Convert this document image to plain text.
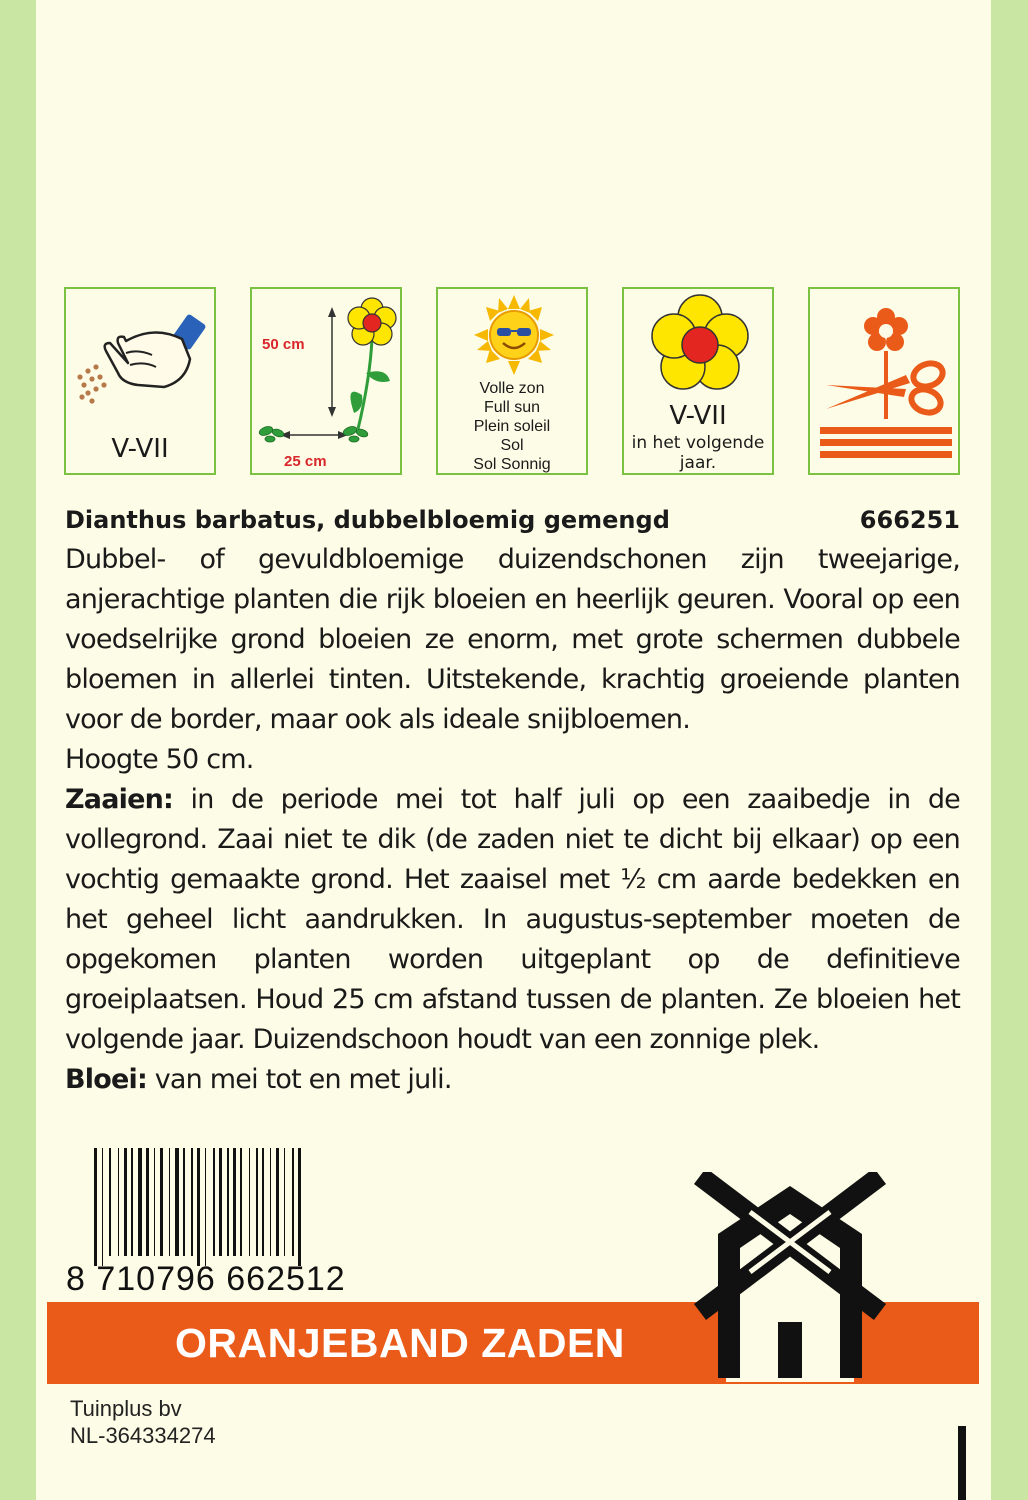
V-VII
50 cm
25 cm
Volle zon
Full sun
Plein soleil
Sol
Sol Sonnig
V-VII
in het volgende
jaar.
Dianthus barbatus, dubbelbloemig gemengd	666251

Dubbel- of gevuldbloemige duizendschonen zijn tweejarige, anjerachtige planten die rijk bloeien en heerlijk geuren. Vooral op een voedselrijke grond bloeien ze enorm, met grote schermen dubbele bloemen in allerlei tinten. Uitstekende, krachtig groeiende planten voor de border, maar ook als ideale snijbloemen.

Hoogte 50 cm.

Zaaien: in de periode mei tot half juli op een zaaibedje in de vollegrond. Zaai niet te dik (de zaden niet te dicht bij elkaar) op een vochtig gemaakte grond. Het zaaisel met ½ cm aarde bedekken en het geheel licht aandrukken. In augustus-september moeten de opgekomen planten worden uitgeplant op de definitieve groeiplaatsen. Houd 25 cm afstand tussen de planten. Ze bloeien het volgende jaar. Duizendschoon houdt van een zonnige plek.

Bloei: van mei tot en met juli.

8 710796 662512
ORANJEBAND ZADEN
Tuinplus bv
NL-364334274
